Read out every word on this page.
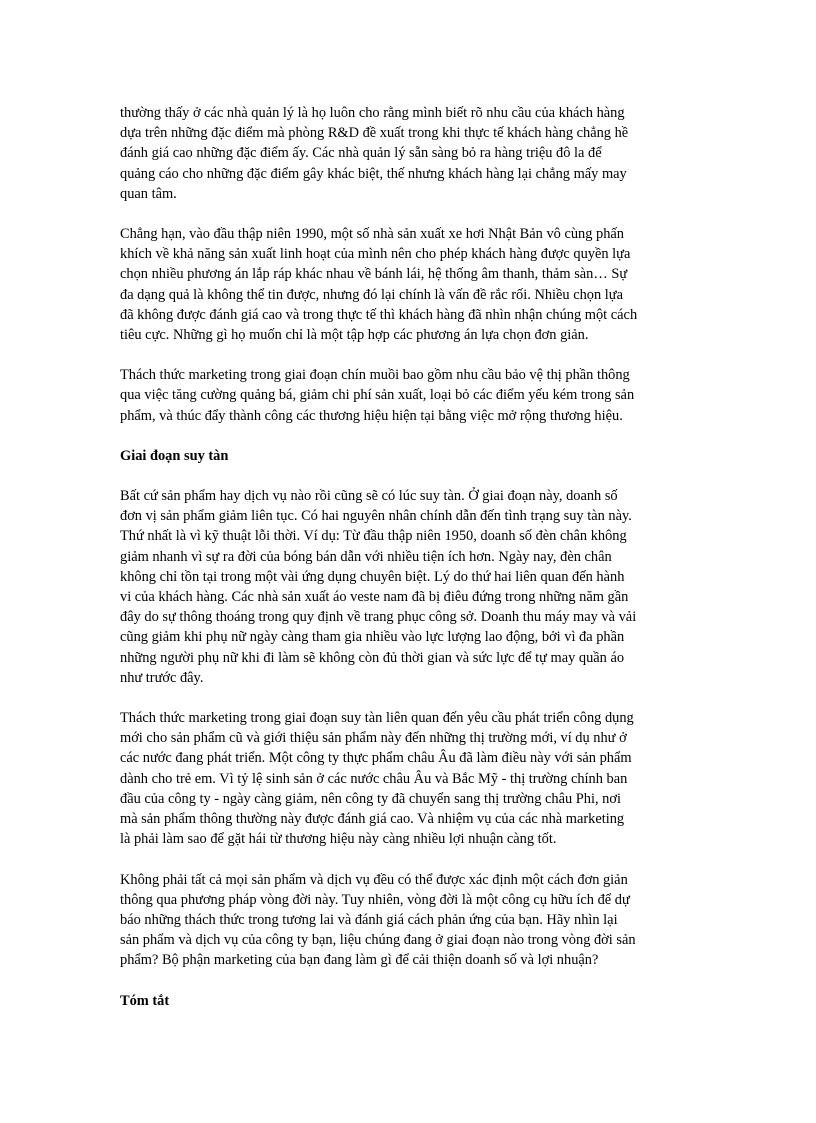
thường thấy ở các nhà quản lý là họ luôn cho rằng mình biết rõ nhu cầu của khách hàng
dựa trên những đặc điểm mà phòng R&D đề xuất trong khi thực tế khách hàng chẳng hề
đánh giá cao những đặc điểm ấy. Các nhà quản lý sẵn sàng bỏ ra hàng triệu đô la để
quảng cáo cho những đặc điểm gây khác biệt, thế nhưng khách hàng lại chẳng mấy may
quan tâm.

Chẳng hạn, vào đầu thập niên 1990, một số nhà sản xuất xe hơi Nhật Bản vô cùng phấn
khích về khả năng sản xuất linh hoạt của mình nên cho phép khách hàng được quyền lựa
chọn nhiều phương án lắp ráp khác nhau về bánh lái, hệ thống âm thanh, thảm sàn… Sự
đa dạng quả là không thể tin được, nhưng đó lại chính là vấn đề rắc rối. Nhiều chọn lựa
đã không được đánh giá cao và trong thực tế thì khách hàng đã nhìn nhận chúng một cách
tiêu cực. Những gì họ muốn chỉ là một tập hợp các phương án lựa chọn đơn giản.

Thách thức marketing trong giai đoạn chín muồi bao gồm nhu cầu bảo vệ thị phần thông
qua việc tăng cường quảng bá, giảm chi phí sản xuất, loại bỏ các điểm yếu kém trong sản
phẩm, và thúc đẩy thành công các thương hiệu hiện tại bằng việc mở rộng thương hiệu.

Giai đoạn suy tàn

Bất cứ sản phẩm hay dịch vụ nào rồi cũng sẽ có lúc suy tàn. Ở giai đoạn này, doanh số
đơn vị sản phẩm giảm liên tục. Có hai nguyên nhân chính dẫn đến tình trạng suy tàn này.
Thứ nhất là vì kỹ thuật lỗi thời. Ví dụ: Từ đầu thập niên 1950, doanh số đèn chân không
giảm nhanh vì sự ra đời của bóng bán dẫn với nhiều tiện ích hơn. Ngày nay, đèn chân
không chỉ tồn tại trong một vài ứng dụng chuyên biệt. Lý do thứ hai liên quan đến hành
vi của khách hàng. Các nhà sản xuất áo veste nam đã bị điêu đứng trong những năm gần
đây do sự thông thoáng trong quy định về trang phục công sở. Doanh thu máy may và vải
cũng giảm khi phụ nữ ngày càng tham gia nhiều vào lực lượng lao động, bởi vì đa phần
những người phụ nữ khi đi làm sẽ không còn đủ thời gian và sức lực để tự may quần áo
như trước đây.

Thách thức marketing trong giai đoạn suy tàn liên quan đến yêu cầu phát triển công dụng
mới cho sản phẩm cũ và giới thiệu sản phẩm này đến những thị trường mới, ví dụ như ở
các nước đang phát triển. Một công ty thực phẩm châu Âu đã làm điều này với sản phẩm
dành cho trẻ em. Vì tỷ lệ sinh sản ở các nước châu Âu và Bắc Mỹ - thị trường chính ban
đầu của công ty - ngày càng giảm, nên công ty đã chuyển sang thị trường châu Phi, nơi
mà sản phẩm thông thường này được đánh giá cao. Và nhiệm vụ của các nhà marketing
là phải làm sao để gặt hái từ thương hiệu này càng nhiều lợi nhuận càng tốt.

Không phải tất cả mọi sản phẩm và dịch vụ đều có thể được xác định một cách đơn giản
thông qua phương pháp vòng đời này. Tuy nhiên, vòng đời là một công cụ hữu ích để dự
báo những thách thức trong tương lai và đánh giá cách phản ứng của bạn. Hãy nhìn lại
sản phẩm và dịch vụ của công ty bạn, liệu chúng đang ở giai đoạn nào trong vòng đời sản
phẩm? Bộ phận marketing của bạn đang làm gì để cải thiện doanh số và lợi nhuận?

Tóm tắt
